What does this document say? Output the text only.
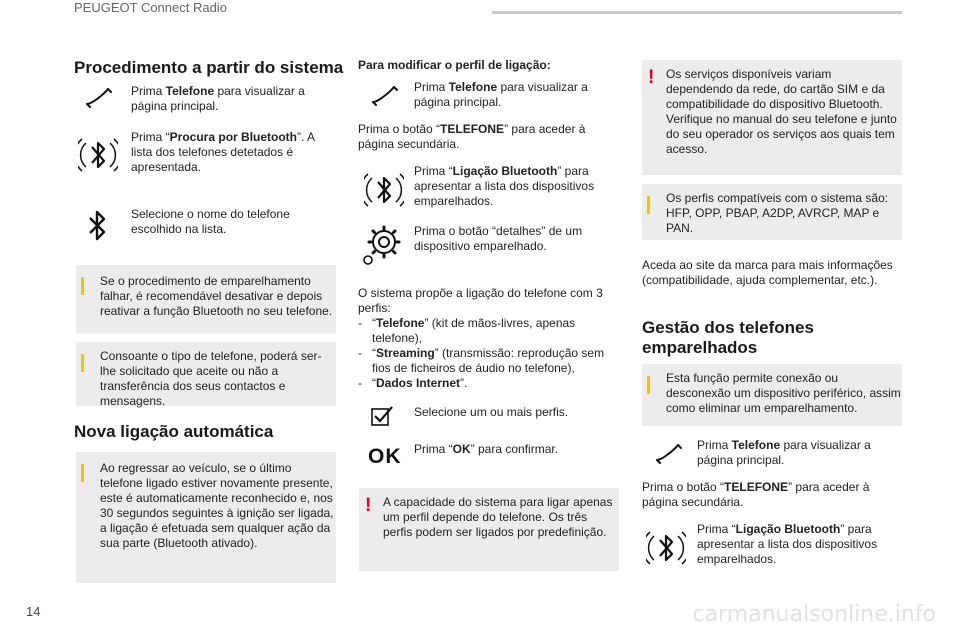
PEUGEOT Connect Radio
Procedimento a partir do sistema
Prima Telefone para visualizar a página principal.
Prima “Procura por Bluetooth”. A lista dos telefones detetados é apresentada.
Selecione o nome do telefone escolhido na lista.
Se o procedimento de emparelhamento falhar, é recomendável desativar e depois reativar a função Bluetooth no seu telefone.
Consoante o tipo de telefone, poderá ser-lhe solicitado que aceite ou não a transferência dos seus contactos e mensagens.
Nova ligação automática
Ao regressar ao veículo, se o último telefone ligado estiver novamente presente, este é automaticamente reconhecido e, nos 30 segundos seguintes à ignição ser ligada, a ligação é efetuada sem qualquer ação da sua parte (Bluetooth ativado).
Para modificar o perfil de ligação:
Prima Telefone para visualizar a página principal.
Prima o botão “TELEFONE” para aceder à página secundária.
Prima “Ligação Bluetooth” para apresentar a lista dos dispositivos emparelhados.
Prima o botão “detalhes” de um dispositivo emparelhado.
O sistema propõe a ligação do telefone com 3 perfis:
- “Telefone” (kit de mãos-livres, apenas telefone),
- “Streaming” (transmissão: reprodução sem fios de ficheiros de áudio no telefone),
- “Dados Internet”.
Selecione um ou mais perfis.
OK Prima “OK” para confirmar.
! A capacidade do sistema para ligar apenas um perfil depende do telefone. Os três perfis podem ser ligados por predefinição.
! Os serviços disponíveis variam dependendo da rede, do cartão SIM e da compatibilidade do dispositivo Bluetooth. Verifique no manual do seu telefone e junto do seu operador os serviços aos quais tem acesso.
Os perfis compatíveis com o sistema são: HFP, OPP, PBAP, A2DP, AVRCP, MAP e PAN.
Aceda ao site da marca para mais informações (compatibilidade, ajuda complementar, etc.).
Gestão dos telefones emparelhados
Esta função permite conexão ou desconexão um dispositivo periférico, assim como eliminar um emparelhamento.
Prima Telefone para visualizar a página principal.
Prima o botão “TELEFONE” para aceder à página secundária.
Prima “Ligação Bluetooth” para apresentar a lista dos dispositivos emparelhados.
14	carmanualsonline.info
